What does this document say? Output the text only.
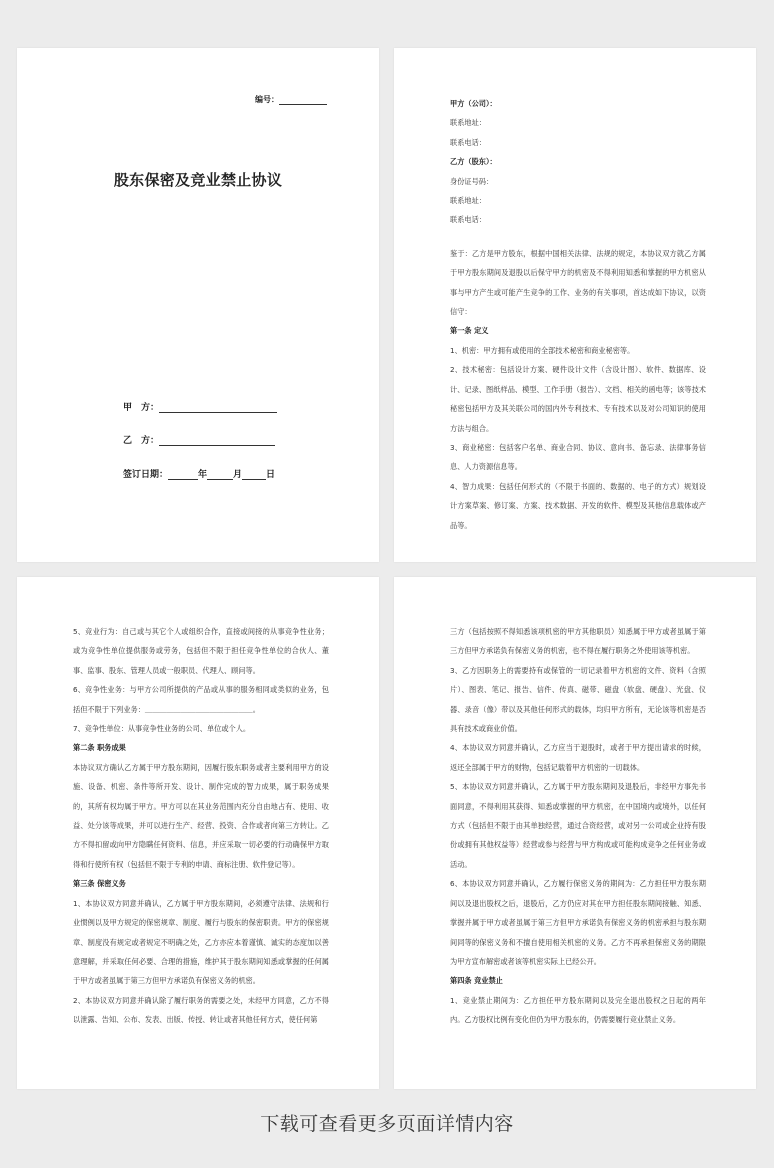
编号：
股东保密及竞业禁止协议
甲　方：
乙　方：
签订日期：	年	月	日

甲方（公司）：

联系地址：

联系电话：

乙方（股东）：

身份证号码：

联系地址：

联系电话：

鉴于：乙方是甲方股东，根据中国相关法律、法规的规定，本协议双方就乙方属于甲方股东期间及退股以后保守甲方的机密及不得利用知悉和掌握的甲方机密从事与甲方产生或可能产生竞争的工作、业务的有关事项，首达成如下协议，以资信守：

第一条 定义

1、机密：甲方拥有或使用的全部技术秘密和商业秘密等。

2、技术秘密：包括设计方案、硬件设计文件（含设计图）、软件、数据库、设计、记录、图纸样品、模型、工作手册（报告）、文档、相关的函电等；该等技术秘密包括甲方及其关联公司的国内外专利技术、专有技术以及对公司知识的使用方法与组合。

3、商业秘密：包括客户名单、商业合同、协议、意向书、备忘录、法律事务信息、人力资源信息等。

4、智力成果：包括任何形式的（不限于书面的、数据的、电子的方式）规划设计方案草案、修订案、方案、技术数据、开发的软件、模型及其他信息载体或产品等。

5、竞业行为：自己或与其它个人或组织合作，直接或间接的从事竞争性业务；或为竞争性单位提供服务或劳务，包括但不限于担任竞争性单位的合伙人、董事、监事、股东、管理人员或一般职员、代理人、顾问等。

6、竞争性业务：与甲方公司所提供的产品或从事的服务相同或类似的业务，包括但不限于下列业务：＿＿＿＿＿＿＿＿＿＿＿＿＿＿＿。

7、竞争性单位：从事竞争性业务的公司、单位或个人。

第二条 职务成果

本协议双方确认乙方属于甲方股东期间，因履行股东职务或者主要利用甲方的设施、设备、机密、条件等所开发、设计、制作完成的智力成果，属于职务成果的，其所有权均属于甲方。甲方可以在其业务范围内充分自由地占有、使用、收益、处分该等成果，并可以进行生产、经营、投资、合作或者向第三方转让。乙方不得扣留或向甲方隐瞒任何资料、信息，并应采取一切必要的行动确保甲方取得和行使所有权（包括但不限于专利的申请、商标注册、软件登记等）。

第三条 保密义务

1、本协议双方同意并确认，乙方属于甲方股东期间，必须遵守法律、法规和行业惯例以及甲方规定的保密规章、制度、履行与股东的保密职责。甲方的保密规章、制度没有规定或者规定不明确之处，乙方亦应本着谨慎、诚实的态度加以善意理解，并采取任何必要、合理的措施，维护其于股东期间知悉或掌握的任何属于甲方或者虽属于第三方但甲方承诺负有保密义务的机密。

2、本协议双方同意并确认除了履行职务的需要之处，未经甲方同意，乙方不得以泄露、告知、公布、发表、出版、传授、转让或者其他任何方式，使任何第

三方（包括按照不得知悉该项机密的甲方其他职员）知悉属于甲方或者虽属于第三方但甲方承诺负有保密义务的机密，也不得在履行职务之外使用该等机密。

3、乙方因职务上的需要持有或保管的一切记录着甲方机密的文件、资料（含照片）、图表、笔记、报告、信件、传真、磁带、磁盘（软盘、硬盘）、光盘、仪器、录音（像）带以及其他任何形式的载体，均归甲方所有，无论该等机密是否具有技术或商业价值。

4、本协议双方同意并确认，乙方应当于退股时，或者于甲方提出请求的时候，返还全部属于甲方的财物，包括记载着甲方机密的一切载体。

5、本协议双方同意并确认，乙方属于甲方股东期间及退股后，非经甲方事先书面同意，不得利用其获得、知悉或掌握的甲方机密，在中国境内或境外，以任何方式（包括但不限于由其单独经营，通过合资经营，或对另一公司或企业持有股份或拥有其他权益等）经营或参与经营与甲方构成或可能构成竞争之任何业务或活动。

6、本协议双方同意并确认，乙方履行保密义务的期间为：乙方担任甲方股东期间以及退出股权之后，退股后，乙方仍应对其在甲方担任股东期间接触、知悉、掌握并属于甲方或者虽属于第三方但甲方承诺负有保密义务的机密承担与股东期间同等的保密义务和不擅自使用相关机密的义务。乙方不再承担保密义务的期限为甲方宣布解密或者该等机密实际上已经公开。

第四条 竞业禁止

1、竞业禁止期间为：乙方担任甲方股东期间以及完全退出股权之日起的两年内。乙方股权比例有变化但仍为甲方股东的，仍需要履行竞业禁止义务。

下载可查看更多页面详情内容
